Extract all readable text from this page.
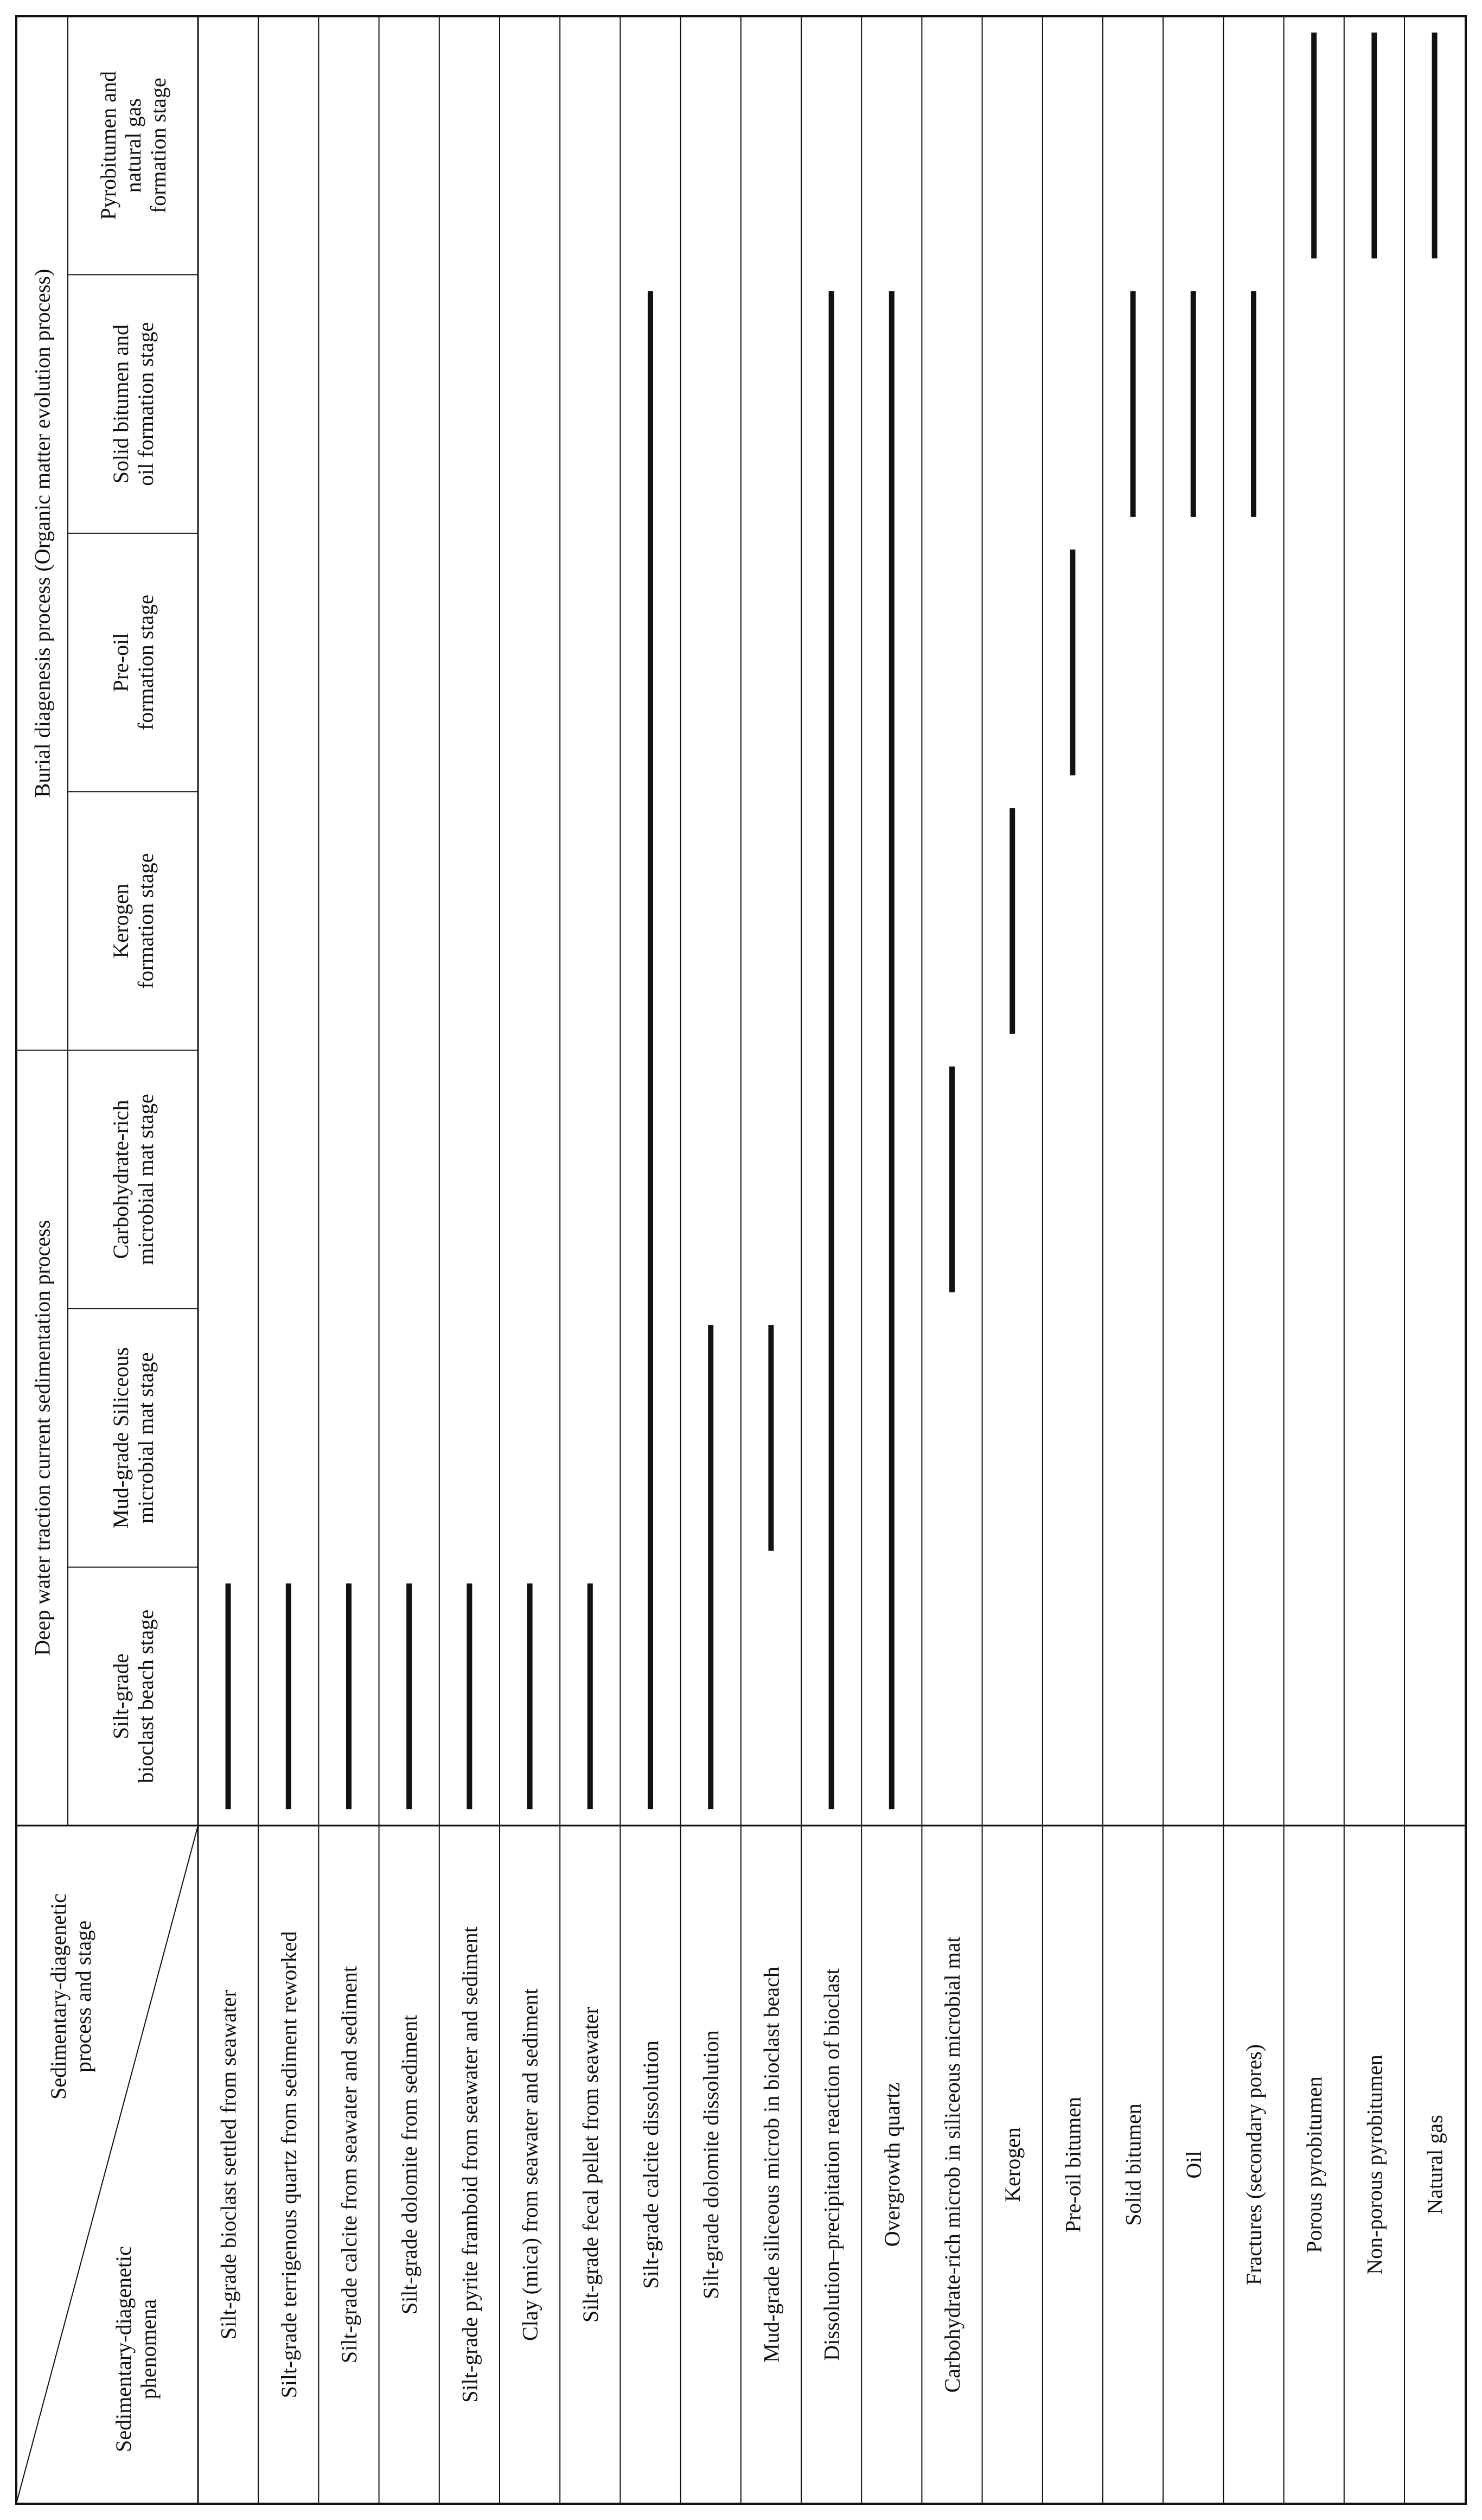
Sedimentary-diagenetic process and stage
Sedimentary-diagenetic phenomena
Silt-grade bioclast beach stage
Mud-grade Siliceous microbial mat stage
Carbohydrate-rich microbial mat stage
Kerogen formation stage
Pre-oil formation stage
Solid bitumen and oil formation stage
Pyrobitumen and natural gas formation stage
Deep water traction current sedimentation process
Burial diagenesis process (Organic matter evolution process)
Silt-grade bioclast settled from seawater Silt-grade terrigenous quartz from sediment reworked Silt-grade calcite from seawater and sediment Silt-grade dolomite from sediment Silt-grade pyrite framboid from seawater and sediment Clay (mica) from seawater and sediment Silt-grade fecal pellet from seawater Silt-grade calcite dissolution Silt-grade dolomite dissolution Mud-grade siliceous microb in bioclast beach Dissolution–precipitation reaction of bioclast Overgrowth quartz Carbohydrate-rich microb in siliceous microbial mat Kerogen Pre-oil bitumen Solid bitumen Oil Fractures (secondary pores) Porous pyrobitumen Non-porous pyrobitumen Natural gas
